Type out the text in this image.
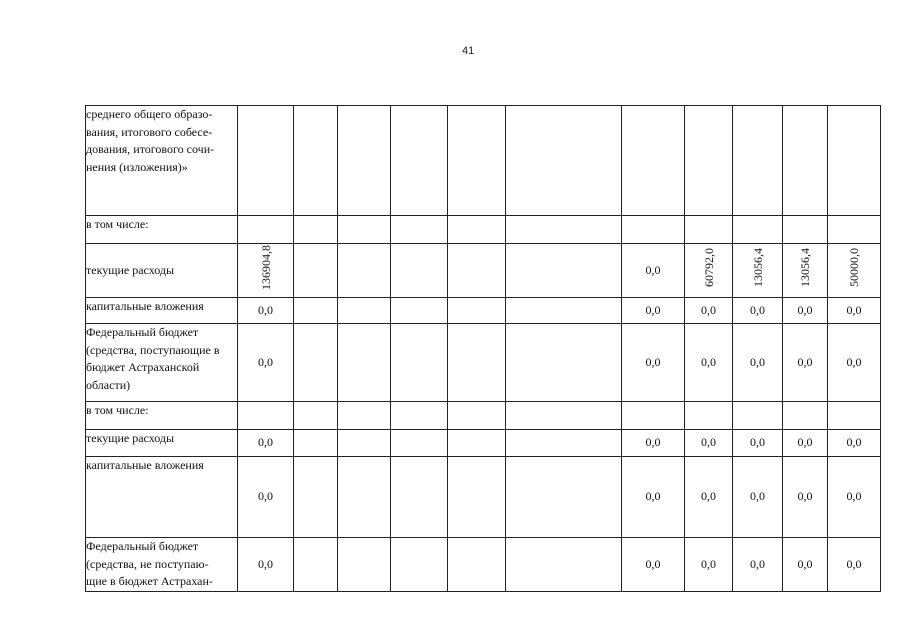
41
среднего общего образо-
вания, итогового собесе-
дования, итогового сочи-
нения (изложения)»											

в том числе:											

текущие расходы	136904,8						0,0	60792,0	13056,4	13056,4	50000,0

капитальные вложения	0,0						0,0	0,0	0,0	0,0	0,0

Федеральный бюджет
(средства, поступающие в
бюджет Астраханской
области)	0,0						0,0	0,0	0,0	0,0	0,0

в том числе:											

текущие расходы	0,0						0,0	0,0	0,0	0,0	0,0

капитальные вложения	0,0						0,0	0,0	0,0	0,0	0,0

Федеральный бюджет
(средства, не поступаю-
щие в бюджет Астрахан-	0,0						0,0	0,0	0,0	0,0	0,0
